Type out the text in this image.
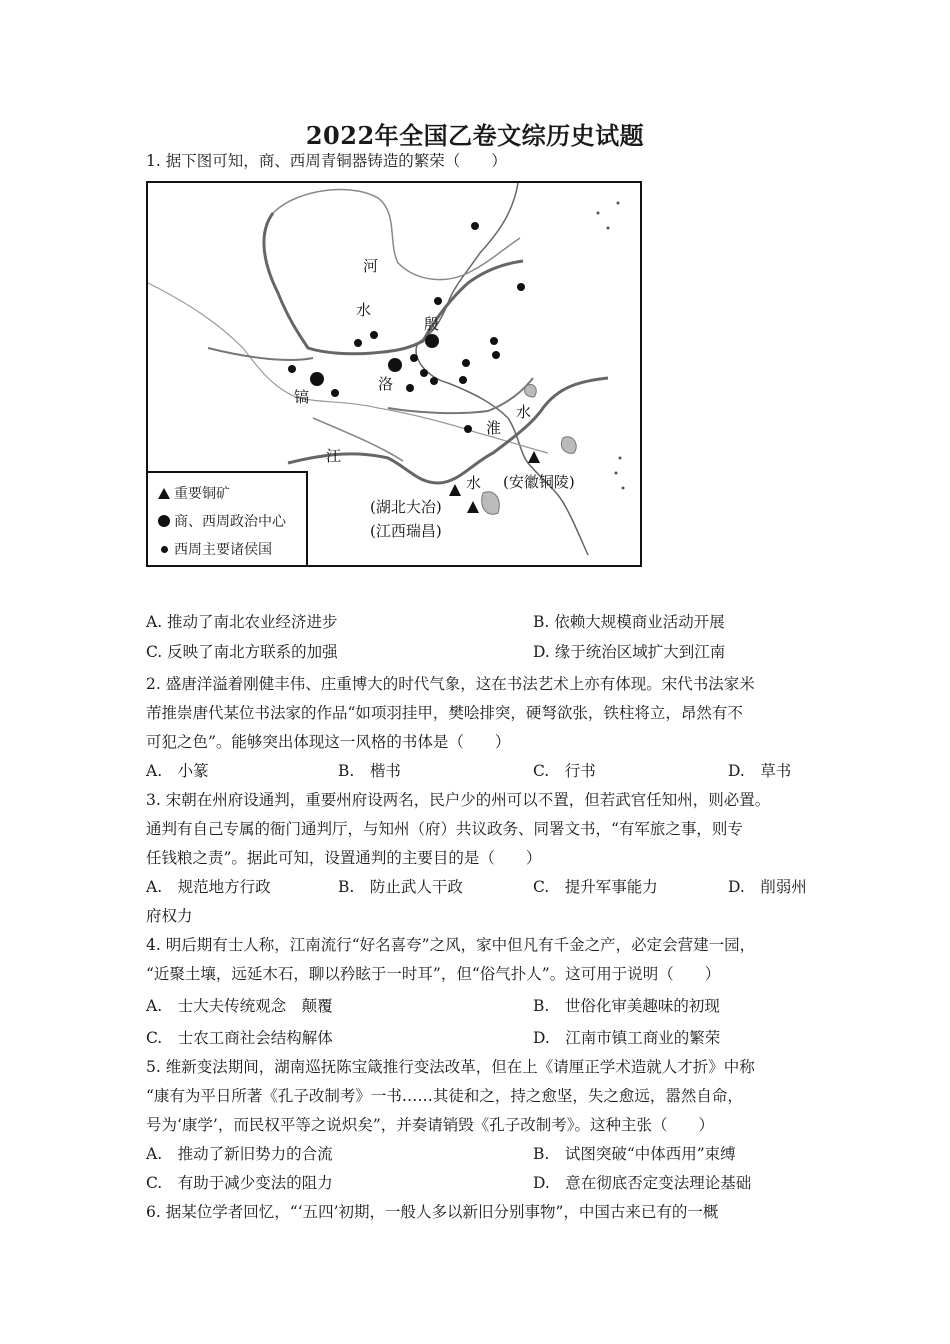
2022年全国乙卷文综历史试题
1. 据下图可知，商、西周青铜器铸造的繁荣（　　）
河
水
殷
洛
镐
水
淮
江
水 (安徽铜陵)
(湖北大冶)
(江西瑞昌)
重要铜矿
商、西周政治中心
西周主要诸侯国
A. 推动了南北农业经济进步	B. 依赖大规模商业活动开展
C. 反映了南北方联系的加强	D. 缘于统治区域扩大到江南
2. 盛唐洋溢着刚健丰伟、庄重博大的时代气象，这在书法艺术上亦有体现。宋代书法家米
芾推崇唐代某位书法家的作品“如项羽挂甲，樊哙排突，硬弩欲张，铁柱将立，昂然有不
可犯之色”。能够突出体现这一风格的书体是（　　）
A.　小篆	B.　楷书	C.　行书	D.　草书
3. 宋朝在州府设通判，重要州府设两名，民户少的州可以不置，但若武官任知州，则必置。
通判有自己专属的衙门通判厅，与知州（府）共议政务、同署文书，“有军旅之事，则专
任钱粮之责”。据此可知，设置通判的主要目的是（　　）
A.　规范地方行政	B.　防止武人干政	C.　提升军事能力	D.　削弱州
府权力
4. 明后期有士人称，江南流行“好名喜夸”之风，家中但凡有千金之产，必定会营建一园，
“近聚土壤，远延木石，聊以矜眩于一时耳”，但“俗气扑人”。这可用于说明（　　）
A.　士大夫传统观念　颠覆	B.　世俗化审美趣味的初现
C.　士农工商社会结构解体	D.　江南市镇工商业的繁荣
5. 维新变法期间，湖南巡抚陈宝箴推行变法改革，但在上《请厘正学术造就人才折》中称
“康有为平日所著《孔子改制考》一书……其徒和之，持之愈坚，失之愈远，嚣然自命，
号为‘康学’，而民权平等之说炽矣”，并奏请销毁《孔子改制考》。这种主张（　　）
A.　推动了新旧势力的合流	B.　试图突破“中体西用”束缚
C.　有助于减少变法的阻力	D.　意在彻底否定变法理论基础
6. 据某位学者回忆，“‘五四’初期，一般人多以新旧分别事物”，中国古来已有的一概
